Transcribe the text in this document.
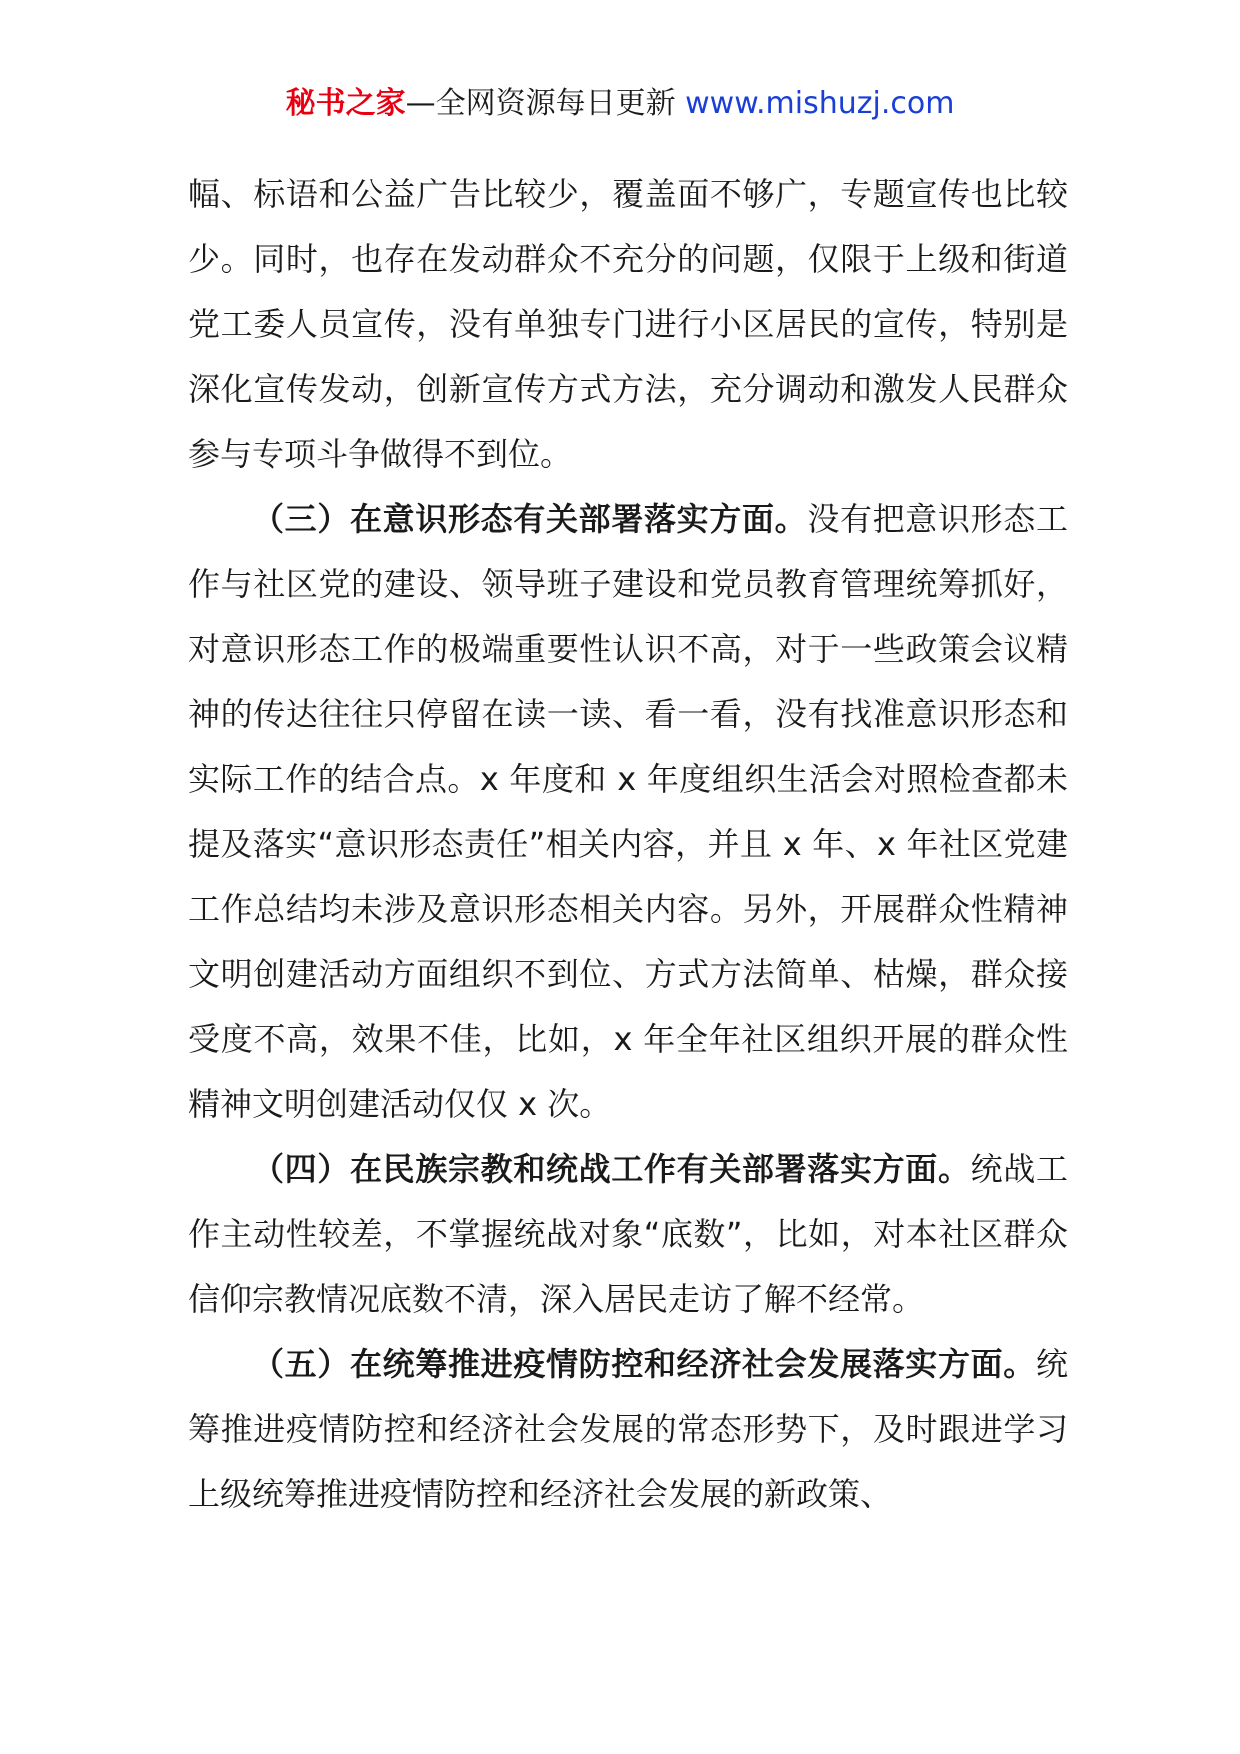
秘书之家—全网资源每日更新 www.mishuzj.com

幅、标语和公益广告比较少，覆盖面不够广，专题宣传也比较少。同时，也存在发动群众不充分的问题，仅限于上级和街道党工委人员宣传，没有单独专门进行小区居民的宣传，特别是深化宣传发动，创新宣传方式方法，充分调动和激发人民群众参与专项斗争做得不到位。

（三）在意识形态有关部署落实方面。没有把意识形态工作与社区党的建设、领导班子建设和党员教育管理统筹抓好，对意识形态工作的极端重要性认识不高，对于一些政策会议精神的传达往往只停留在读一读、看一看，没有找准意识形态和实际工作的结合点。x 年度和 x 年度组织生活会对照检查都未提及落实“意识形态责任”相关内容，并且 x 年、x 年社区党建工作总结均未涉及意识形态相关内容。另外，开展群众性精神文明创建活动方面组织不到位、方式方法简单、枯燥，群众接受度不高，效果不佳，比如，x 年全年社区组织开展的群众性精神文明创建活动仅仅 x 次。

（四）在民族宗教和统战工作有关部署落实方面。统战工作主动性较差，不掌握统战对象“底数”，比如，对本社区群众信仰宗教情况底数不清，深入居民走访了解不经常。

（五）在统筹推进疫情防控和经济社会发展落实方面。统筹推进疫情防控和经济社会发展的常态形势下，及时跟进学习上级统筹推进疫情防控和经济社会发展的新政策、
